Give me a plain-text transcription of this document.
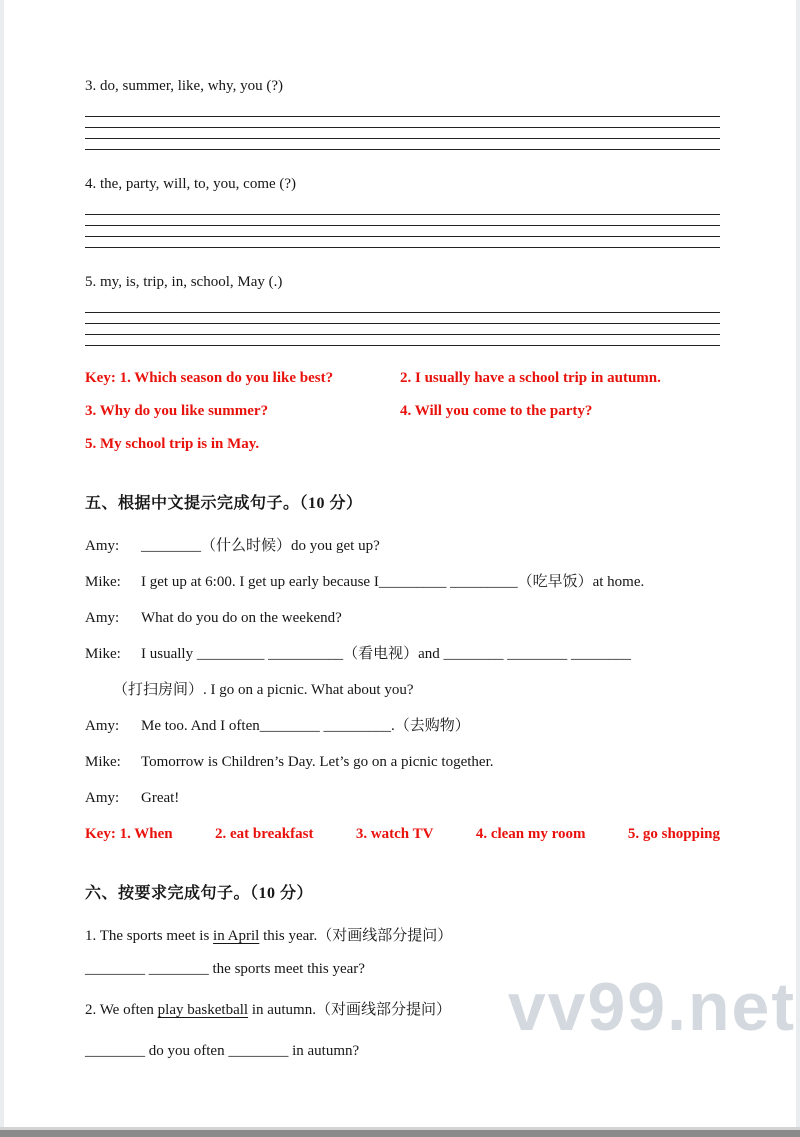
vv99.net
3. do, summer, like, why, you (?)
4. the, party, will, to, you, come (?)
5. my, is, trip, in, school, May (.)
Key: 1. Which season do you like best?	2. I usually have a school trip in autumn.
3. Why do you like summer?	4. Will you come to the party?
5. My school trip is in May.
五、根据中文提示完成句子。（10 分）
Amy:	________（什么时候）do you get up?
Mike:	I get up at 6:00. I get up early because I_________ _________（吃早饭）at home.
Amy:	What do you do on the weekend?
Mike:	I usually _________ __________（看电视）and ________ ________ ________
（打扫房间）. I go on a picnic. What about you?
Amy:	Me too. And I often________ _________.（去购物）
Mike:	Tomorrow is Children’s Day. Let’s go on a picnic together.
Amy:	Great!
Key: 1. When	2. eat breakfast	3. watch TV	4. clean my room	5. go shopping
六、按要求完成句子。（10 分）
1. The sports meet is in April this year.（对画线部分提问）
________ ________ the sports meet this year?
2. We often play basketball in autumn.（对画线部分提问）
________ do you often ________ in autumn?
